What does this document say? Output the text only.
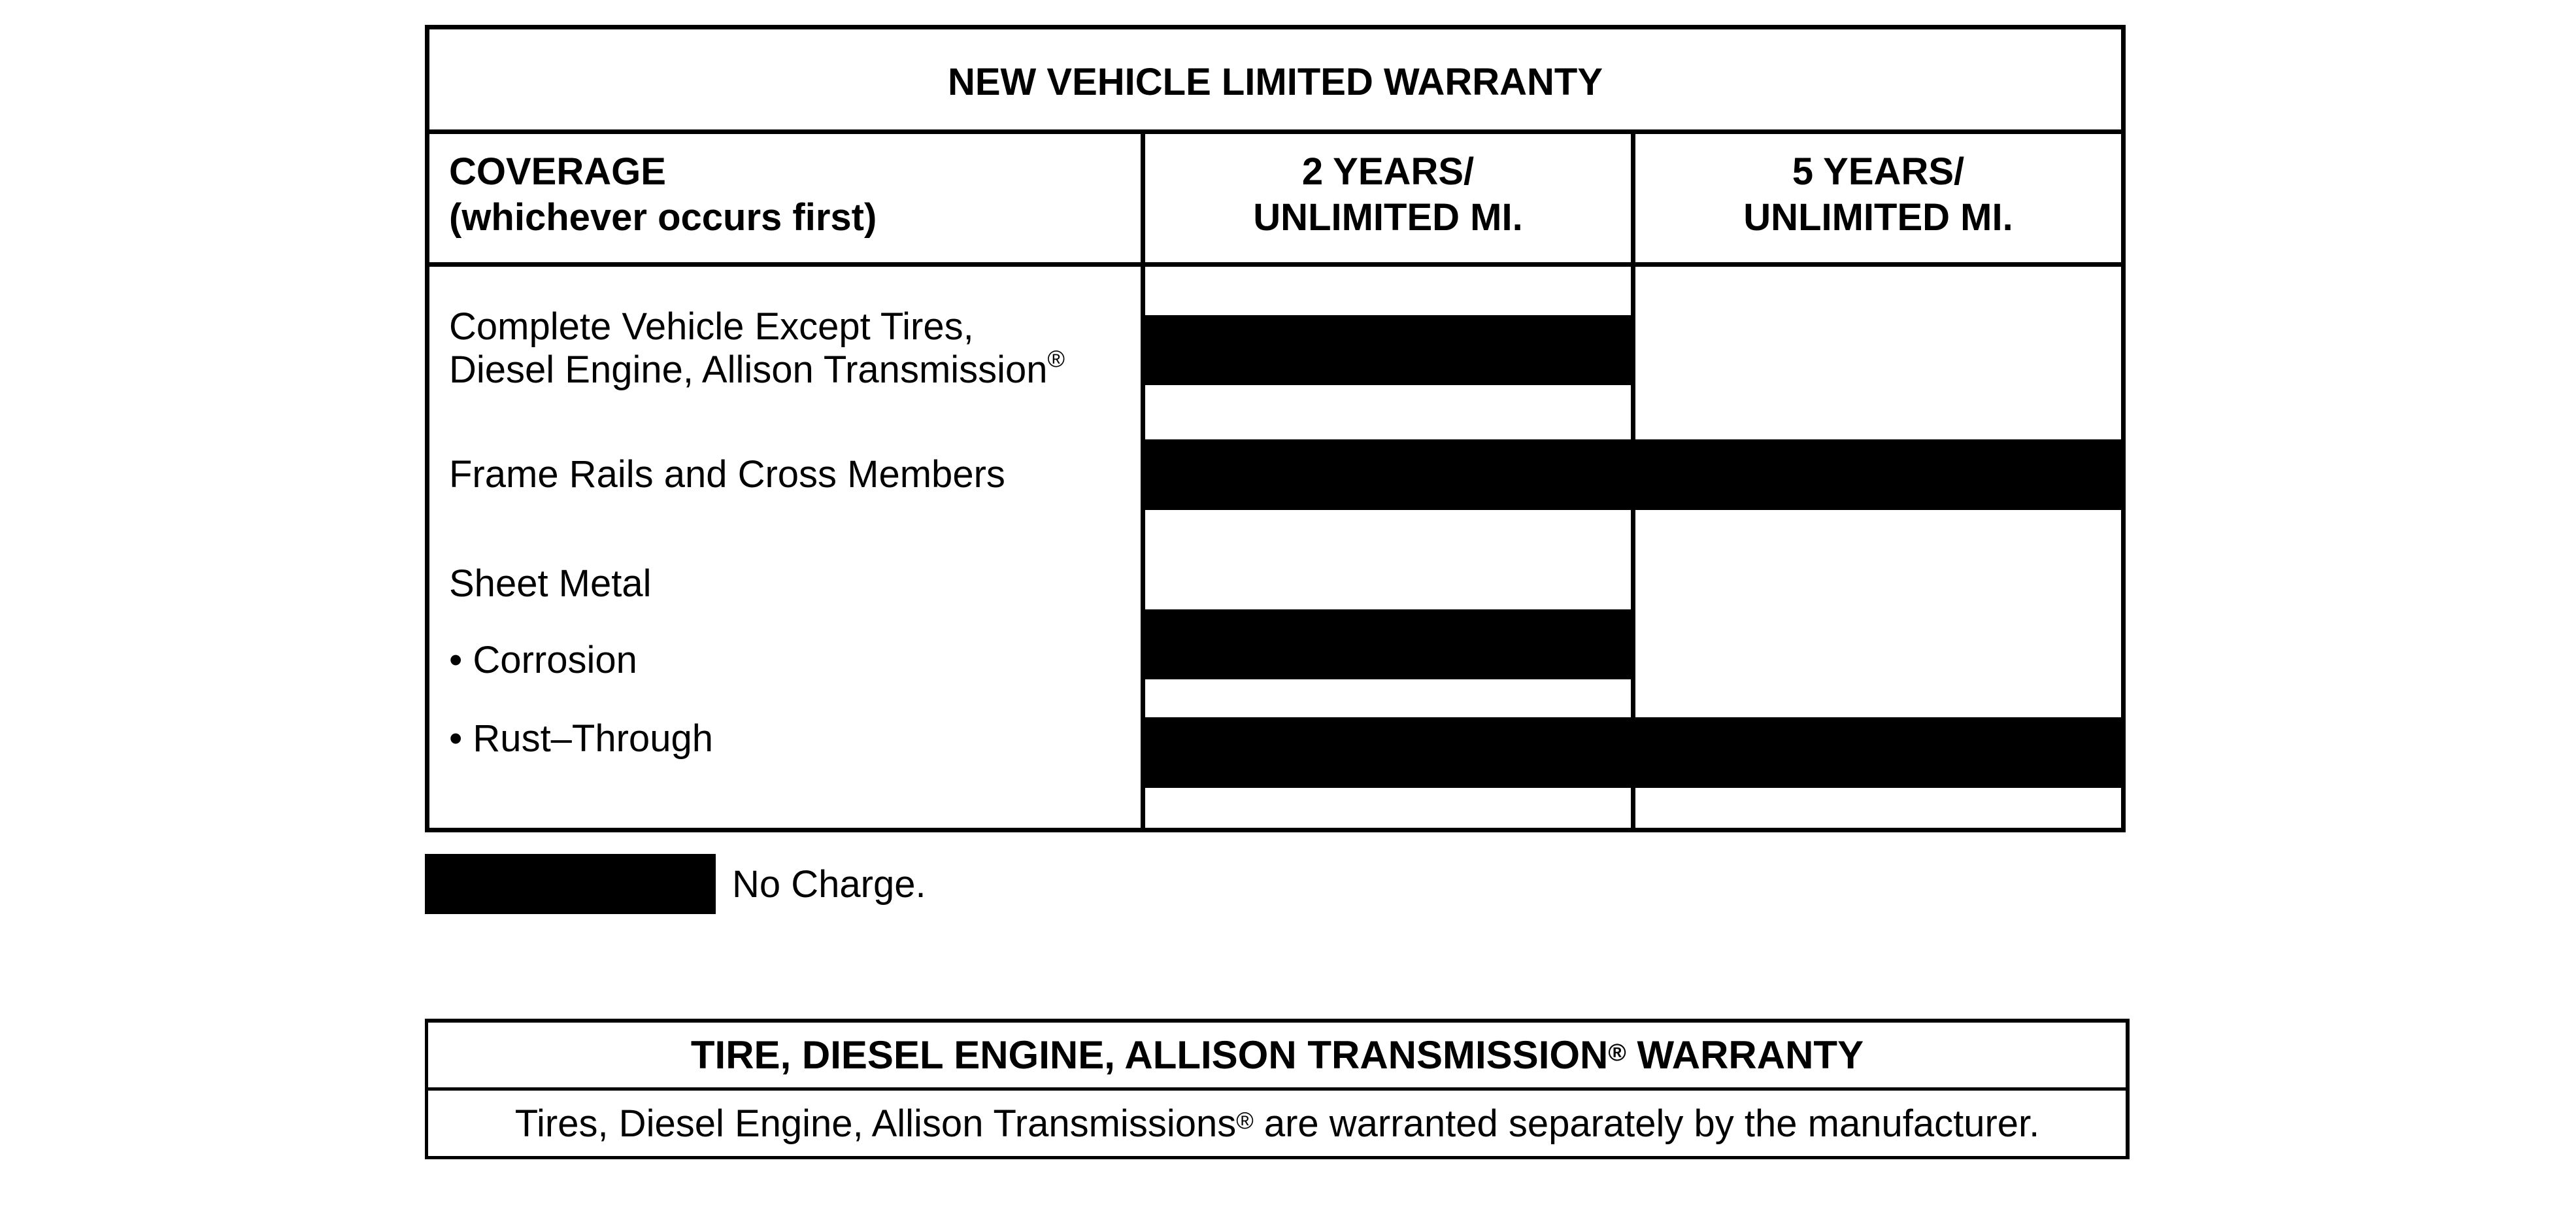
NEW VEHICLE LIMITED WARRANTY
COVERAGE
(whichever occurs first)
2 YEARS/
UNLIMITED MI.
5 YEARS/
UNLIMITED MI.
Complete Vehicle Except Tires,
Diesel Engine, Allison Transmission®
Frame Rails and Cross Members
Sheet Metal
• Corrosion
• Rust–Through
No Charge.
TIRE, DIESEL ENGINE, ALLISON TRANSMISSION® WARRANTY
Tires, Diesel Engine, Allison Transmissions® are warranted separately by the manufacturer.
